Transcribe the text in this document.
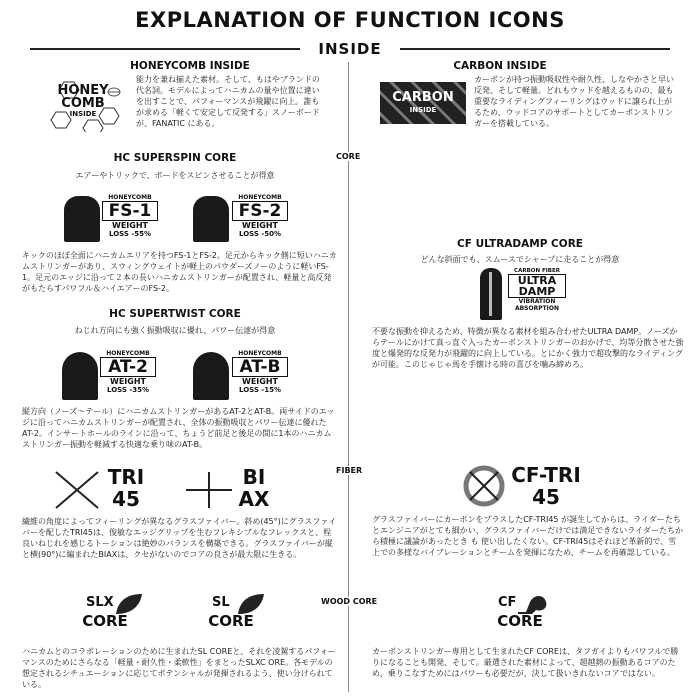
EXPLANATION OF FUNCTION ICONS
INSIDE
CORE
FIBER
WOOD CORE
HONEYCOMB INSIDE
HONEY
COMB
INSIDE
能力を兼ね揃えた素材。そして、もはやブランドの代名詞。モデルによってハニカムの量や位置に違いを出すことで、パフォーマンスが飛躍に向上。誰もが求める「軽くて安定して反発する」スノーボードが、FANATIC にある。
CARBON INSIDE
CARBON
INSIDE
カーボンが持つ振動吸収性や耐久性、しなやかさと早い反発、そして軽量。どれもウッドを越えるものの、最も重要なライディングフィーリングはウッドに譲られ上がるため、ウッドコアのサポートとしてカーボンストリンガーを搭載している。
HC SUPERSPIN CORE
エアーやトリックで、ボードをスピンさせることが得意
HONEYCOMB
FS-1
WEIGHT
LOSS -55%
HONEYCOMB
FS-2
WEIGHT
LOSS -50%
キックのほぼ全面にハニカムエリアを持つFS-1とFS-2。足元からキック側に短いハニカムストリンガーがあり、スウィングウェイトが軽上のパウダーズノーのように軽いFS-1。足元のエッジに沿って２本の長いハニカムストリンガーが配置され、軽量と高反発がもたらすパワフル＆ハイエアーのFS-2。
CF ULTRADAMP CORE
どんな斜面でも、スムースでシャープに走ることが得意
CARBON FIBER
ULTRA
DAMP
VIBRATION
ABSORPTION
不要な振動を抑えるため、特徴が異なる素材を組み合わせたULTRA DAMP。ノーズからテールにかけて真っ直ぐ入ったカーボンストリンガーのおかげで、均等分散させた強度と爆発的な反発力が飛躍的に向上している。とにかく強力で超攻撃的なライディングが可能。このじゃじゃ馬を手懐ける時の喜びを噛み締めろ。
HC SUPERTWIST CORE
ねじれ方向にも強く振動吸収に優れ、パワー伝達が得意
HONEYCOMB
AT-2
WEIGHT
LOSS -35%
HONEYCOMB
AT-B
WEIGHT
LOSS -15%
縦方向（ノーズ〜テール）にハニカムストリンガーがあるAT-2とAT-B。両サイドのエッジに沿ってハニカムストリンガーが配置され、全体の振動吸収とパワー伝達に優れたAT-2。インサートホールのラインに沿って、ちょうど前足と後足の間に1本のハニカムストリンガー振動を軽減する快適な乗り味のAT-B。
TRI
45
BI
AX
繊維の角度によってフィーリングが異なるグラスファイバー。斜め(45°)にグラスファイバーを配したTRI45は、俊敏なエッジグリップを生むフレキシブルなフレックスと、程良いねじれを感じるトーションは絶妙のバランスを構築できる。グラスファイバーが縦と横(90°)に編まれたBIAXは、クセがないのでコアの良さが最大限に生きる。
CF-TRI
45
グラスファイバーにカーボンをプラスしたCF-TRI45 が誕生してからは、ライダーたちとエンジニアがとても細かい、グラスファイバーだけでは満足できないライダーたちから積極に議論があったとき も 使い出したくない。CF-TRI45はそれほど革新的で、雪上での多様なバイブレーションとチームを発揮になため、チームを再確認している。
SLX
CORE
SL
CORE
ハニカムとのコラボレーションのために生まれたSL COREと、それを凌駕するパフォーマンスのためにさらなる「軽量・耐久性・柔軟性」をまとったSLXC ORE。各モデルの想定されるシチュエーションに応じてポテンシャルが発揮されるよう、使い分けられている。
CF
CORE
カーボンストリンガー専用として生まれたCF COREは、タフガイよりもパワフルで勝りになることも開発、そして。厳選された素材によって、超越熱の振動あるコアのため、乗りこなすためにはパワーも必要だが、決して扱いきれないコアではない。
